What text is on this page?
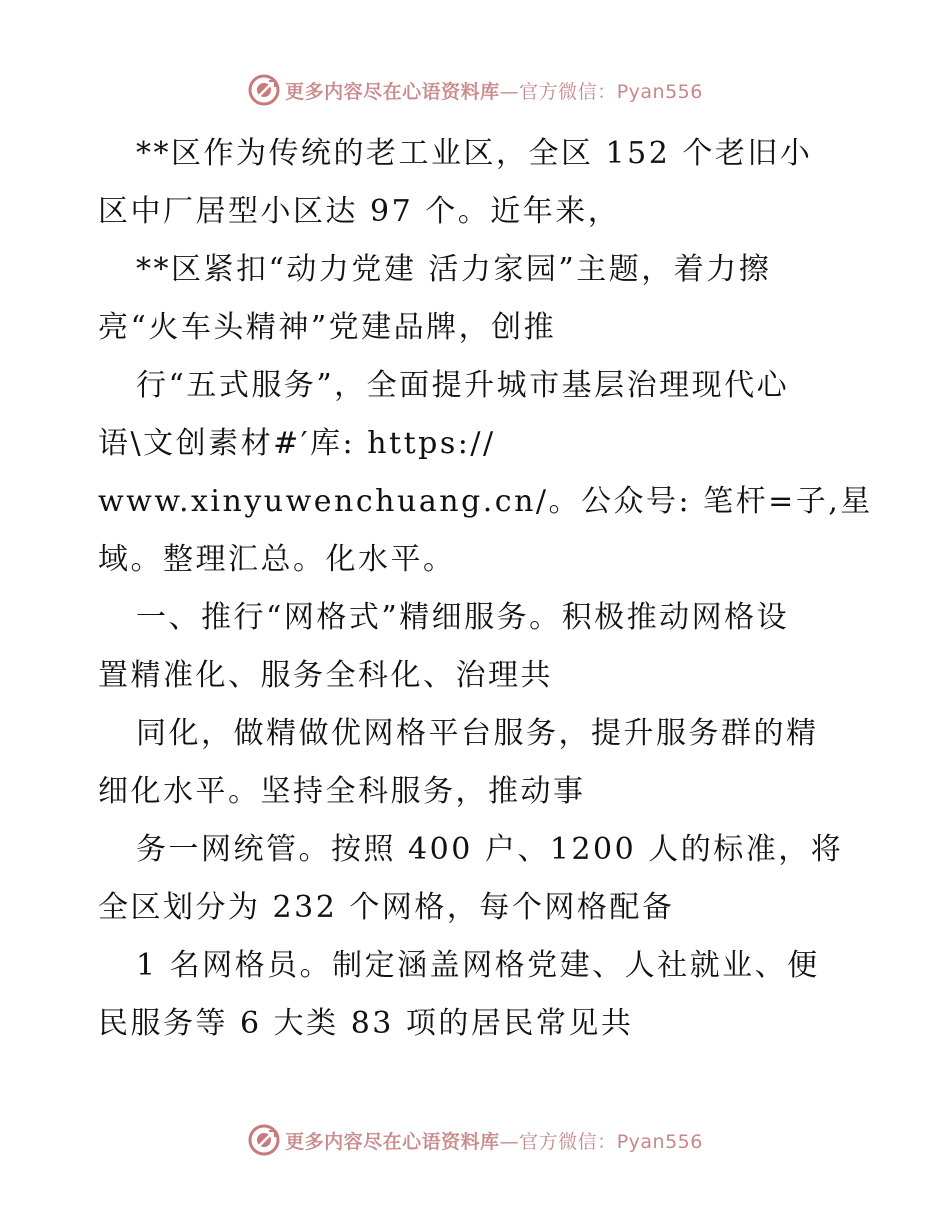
更多内容尽在心语资料库—官方微信：Pyan556
**区作为传统的老工业区，全区 152 个老旧小
区中厂居型小区达 97 个。近年来，
**区紧扣“动力党建 活力家园”主题，着力擦
亮“火车头精神”党建品牌，创推
行“五式服务”，全面提升城市基层治理现代心
语\文创素材#′库: https://
www.xinyuwenchuang.cn/。公众号: 笔杆=子,星
域。整理汇总。化水平。
一、推行“网格式”精细服务。积极推动网格设
置精准化、服务全科化、治理共
同化，做精做优网格平台服务，提升服务群的精
细化水平。坚持全科服务，推动事
务一网统管。按照 400 户、1200 人的标准，将
全区划分为 232 个网格，每个网格配备
1 名网格员。制定涵盖网格党建、人社就业、便
民服务等 6 大类 83 项的居民常见共
更多内容尽在心语资料库—官方微信：Pyan556
